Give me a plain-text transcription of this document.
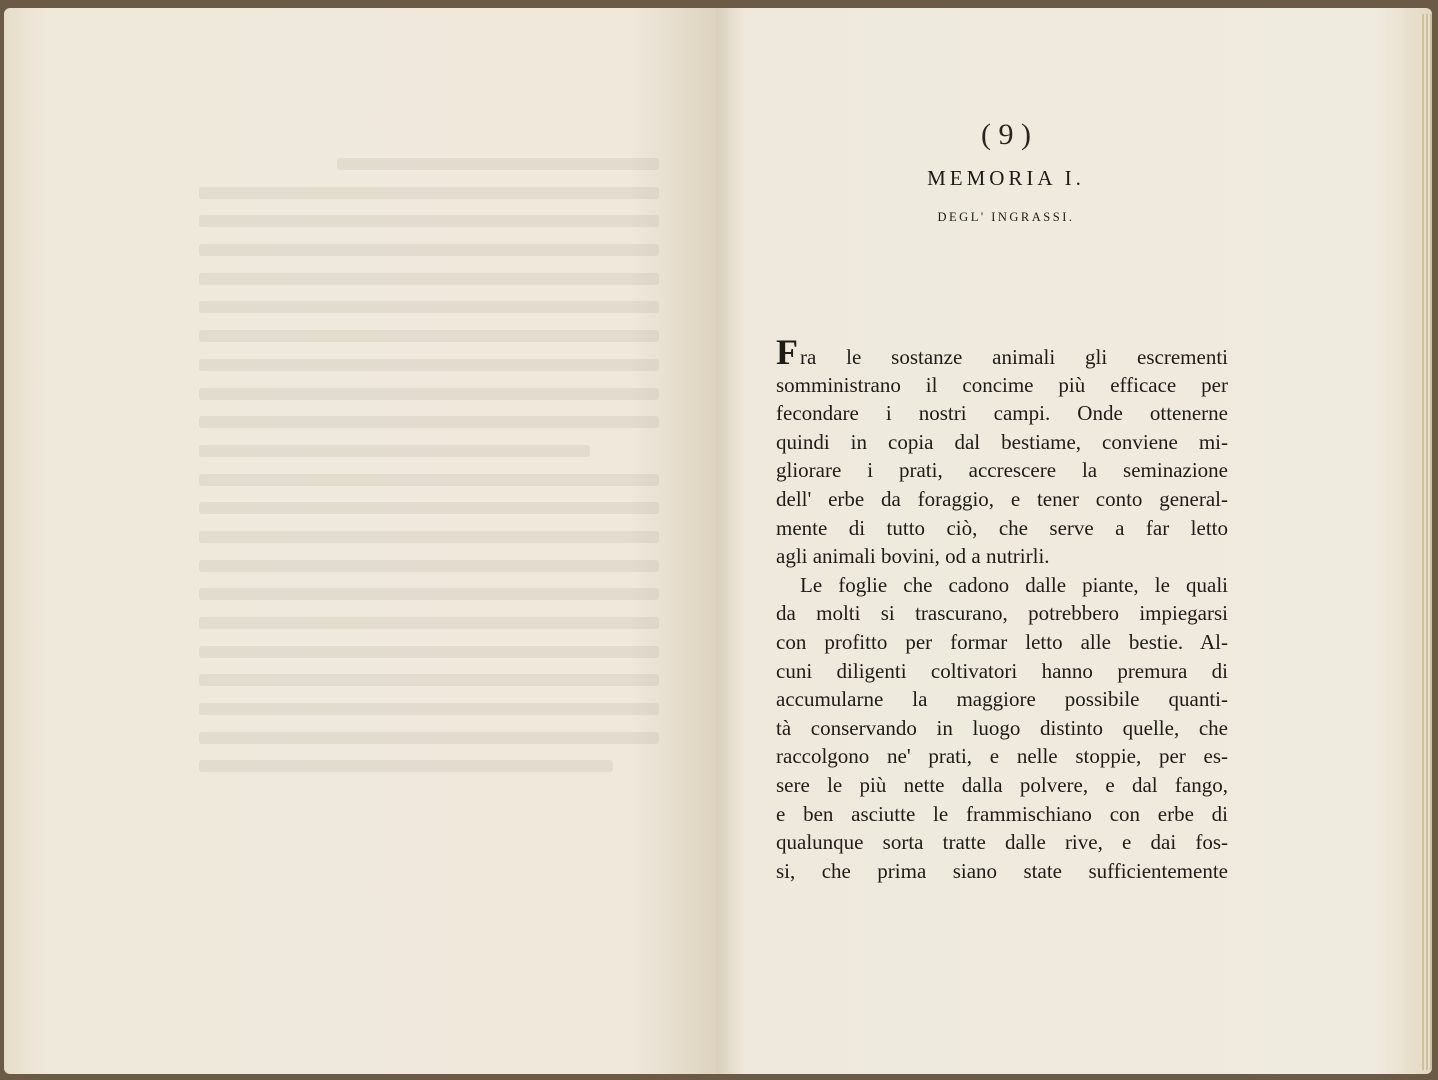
( 9 )
MEMORIA I.
DEGL' INGRASSI.
Fra le sostanze animali gli escrementi
somministrano il concime più efficace per
fecondare i nostri campi. Onde ottenerne
quindi in copia dal bestiame, conviene mi-
gliorare i prati, accrescere la seminazione
dell' erbe da foraggio, e tener conto general-
mente di tutto ciò, che serve a far letto
agli animali bovini, od a nutrirli.
Le foglie che cadono dalle piante, le quali
da molti si trascurano, potrebbero impiegarsi
con profitto per formar letto alle bestie. Al-
cuni diligenti coltivatori hanno premura di
accumularne la maggiore possibile quanti-
tà conservando in luogo distinto quelle, che
raccolgono ne' prati, e nelle stoppie, per es-
sere le più nette dalla polvere, e dal fango,
e ben asciutte le frammischiano con erbe di
qualunque sorta tratte dalle rive, e dai fos-
si, che prima siano state sufficientemente
